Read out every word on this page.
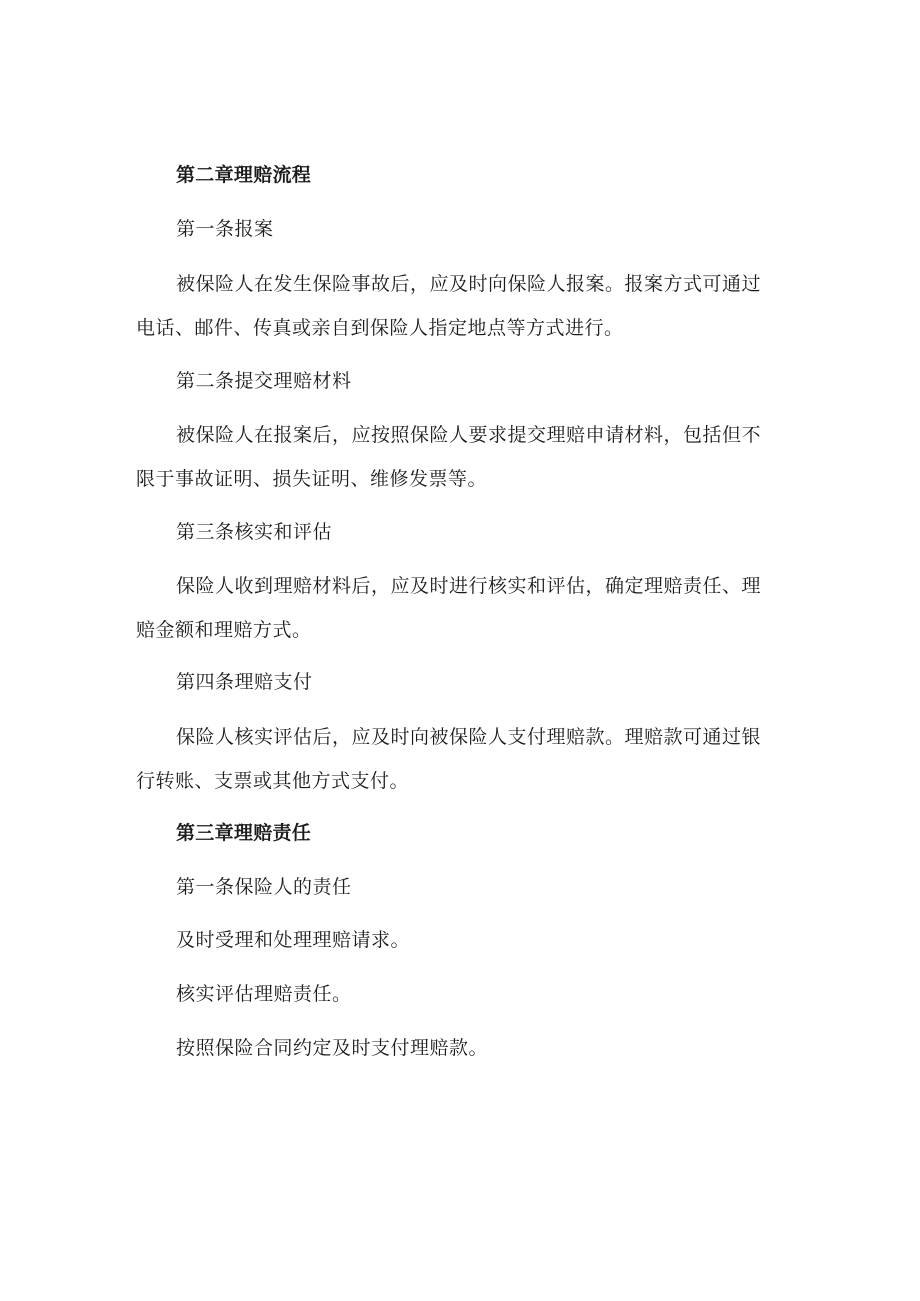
第二章理赔流程
第一条报案
被保险人在发生保险事故后，应及时向保险人报案。报案方式可通过
电话、邮件、传真或亲自到保险人指定地点等方式进行。
第二条提交理赔材料
被保险人在报案后，应按照保险人要求提交理赔申请材料，包括但不
限于事故证明、损失证明、维修发票等。
第三条核实和评估
保险人收到理赔材料后，应及时进行核实和评估，确定理赔责任、理
赔金额和理赔方式。
第四条理赔支付
保险人核实评估后，应及时向被保险人支付理赔款。理赔款可通过银
行转账、支票或其他方式支付。
第三章理赔责任
第一条保险人的责任
及时受理和处理理赔请求。
核实评估理赔责任。
按照保险合同约定及时支付理赔款。
